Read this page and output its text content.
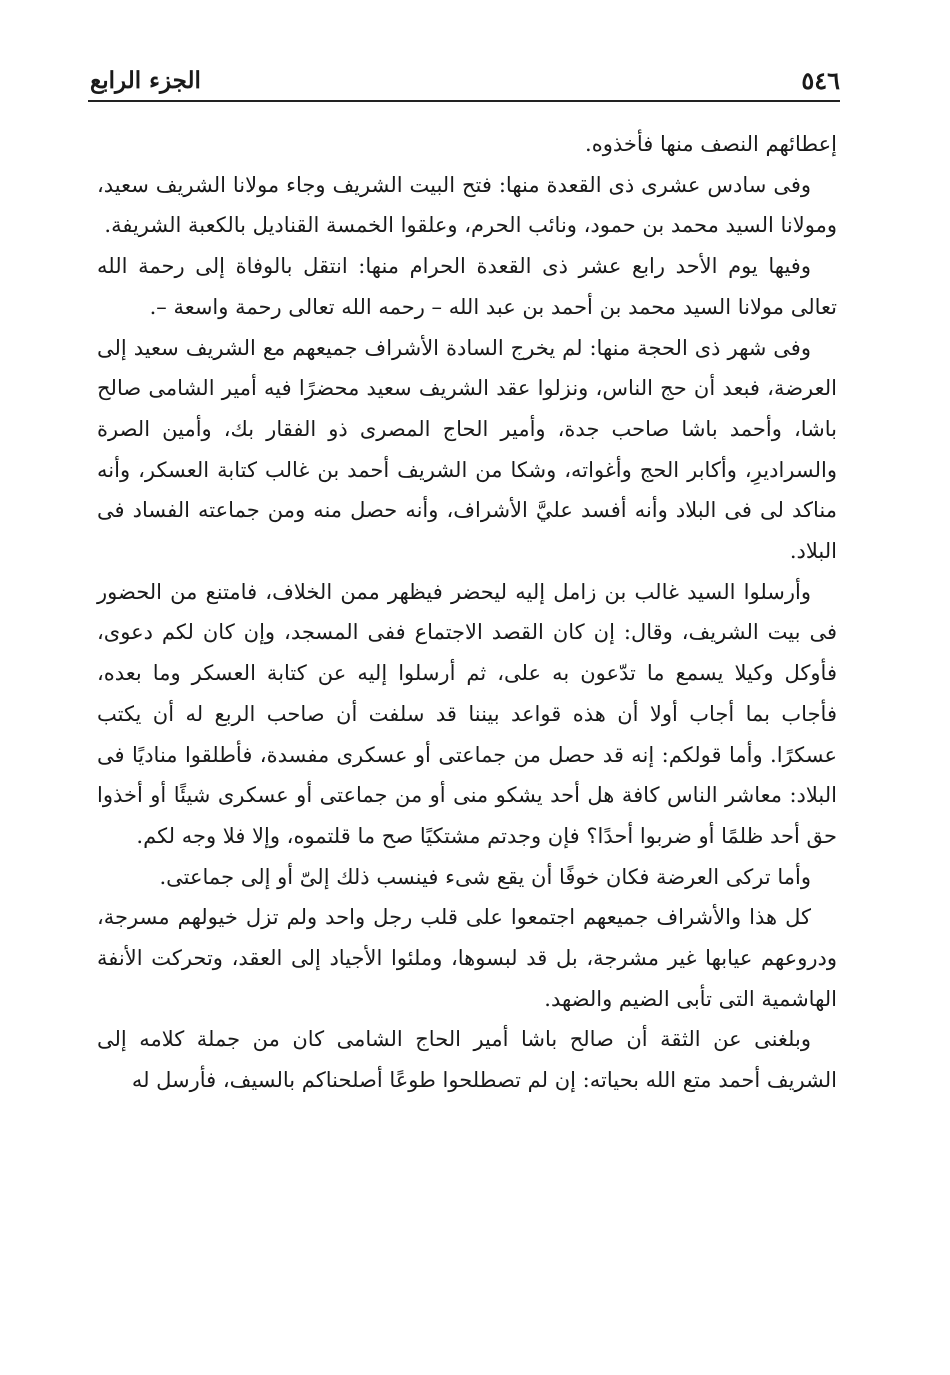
٥٤٦
الجزء الرابع

إعطائهم النصف منها فأخذوه.

وفى سادس عشرى ذى القعدة منها: فتح البيت الشريف وجاء مولانا الشريف سعيد، ومولانا السيد محمد بن حمود، ونائب الحرم، وعلقوا الخمسة القناديل بالكعبة الشريفة.

وفيها يوم الأحد رابع عشر ذى القعدة الحرام منها: انتقل بالوفاة إلى رحمة الله تعالى مولانا السيد محمد بن أحمد بن عبد الله – رحمه الله تعالى رحمة واسعة –.

وفى شهر ذى الحجة منها: لم يخرج السادة الأشراف جميعهم مع الشريف سعيد إلى العرضة، فبعد أن حج الناس، ونزلوا عقد الشريف سعيد محضرًا فيه أمير الشامى صالح باشا، وأحمد باشا صاحب جدة، وأمير الحاج المصرى ذو الفقار بك، وأمين الصرة والسراديرِ، وأكابر الحج وأغواته، وشكا من الشريف أحمد بن غالب كتابة العسكر، وأنه مناكد لى فى البلاد وأنه أفسد عليَّ الأشراف، وأنه حصل منه ومن جماعته الفساد فى البلاد.

وأرسلوا السيد غالب بن زامل إليه ليحضر فيظهر ممن الخلاف، فامتنع من الحضور فى بيت الشريف، وقال: إن كان القصد الاجتماع ففى المسجد، وإن كان لكم دعوى، فأوكل وكيلا يسمع ما تدّعون به على، ثم أرسلوا إليه عن كتابة العسكر وما بعده، فأجاب بما أجاب أولا أن هذه قواعد بيننا قد سلفت أن صاحب الربع له أن يكتب عسكرًا. وأما قولكم: إنه قد حصل من جماعتى أو عسكرى مفسدة، فأطلقوا مناديًا فى البلاد: معاشر الناس كافة هل أحد يشكو منى أو من جماعتى أو عسكرى شيئًا أو أخذوا حق أحد ظلمًا أو ضربوا أحدًا؟ فإن وجدتم مشتكيًا صح ما قلتموه، وإلا فلا وجه لكم.

وأما تركى العرضة فكان خوفًا أن يقع شىء فينسب ذلك إلىّ أو إلى جماعتى.

كل هذا والأشراف جميعهم اجتمعوا على قلب رجل واحد ولم تزل خيولهم مسرجة، ودروعهم عيابها غير مشرجة، بل قد لبسوها، وملئوا الأجياد إلى العقد، وتحركت الأنفة الهاشمية التى تأبى الضيم والضهد.

وبلغنى عن الثقة أن صالح باشا أمير الحاج الشامى كان من جملة كلامه إلى الشريف أحمد متع الله بحياته: إن لم تصطلحوا طوعًا أصلحناكم بالسيف، فأرسل له
